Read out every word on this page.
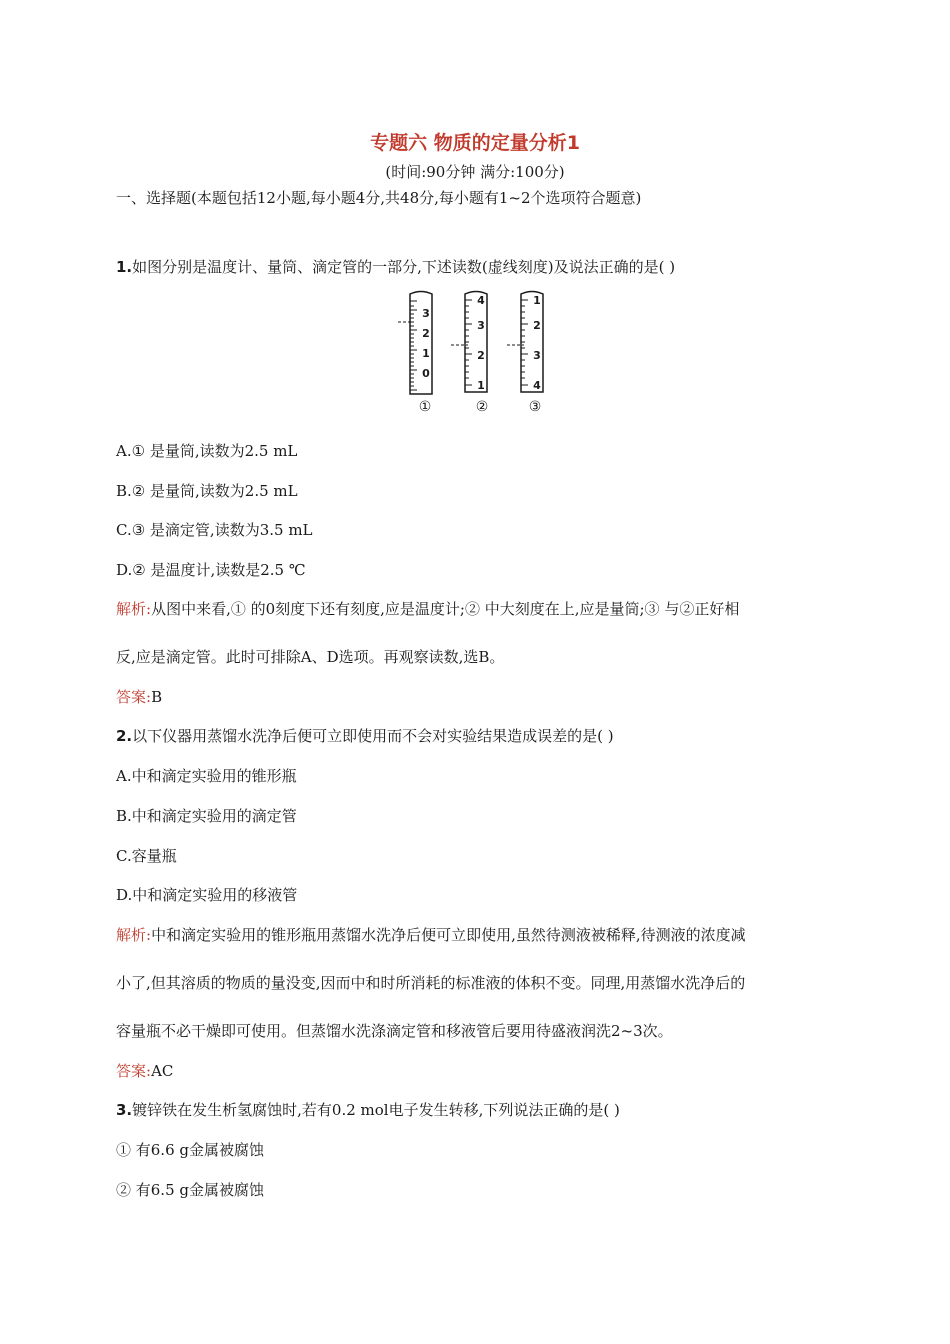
专题六 物质的定量分析1
(时间:90分钟 满分:100分)
一、选择题(本题包括12小题,每小题4分,共48分,每小题有1~2个选项符合题意)
1.如图分别是温度计、量筒、滴定管的一部分,下述读数(虚线刻度)及说法正确的是( )
3
2
1
0
①
4
3
2
1
②
1
2
3
4
③
A.① 是量筒,读数为2.5 mL
B.② 是量筒,读数为2.5 mL
C.③ 是滴定管,读数为3.5 mL
D.② 是温度计,读数是2.5 ℃
解析:从图中来看,① 的0刻度下还有刻度,应是温度计;② 中大刻度在上,应是量筒;③ 与②正好相
反,应是滴定管。此时可排除A、D选项。再观察读数,选B。
答案:B
2.以下仪器用蒸馏水洗净后便可立即使用而不会对实验结果造成误差的是( )
A.中和滴定实验用的锥形瓶
B.中和滴定实验用的滴定管
C.容量瓶
D.中和滴定实验用的移液管
解析:中和滴定实验用的锥形瓶用蒸馏水洗净后便可立即使用,虽然待测液被稀释,待测液的浓度减
小了,但其溶质的物质的量没变,因而中和时所消耗的标准液的体积不变。同理,用蒸馏水洗净后的
容量瓶不必干燥即可使用。但蒸馏水洗涤滴定管和移液管后要用待盛液润洗2~3次。
答案:AC
3.镀锌铁在发生析氢腐蚀时,若有0.2 mol电子发生转移,下列说法正确的是( )
① 有6.6 g金属被腐蚀
② 有6.5 g金属被腐蚀
